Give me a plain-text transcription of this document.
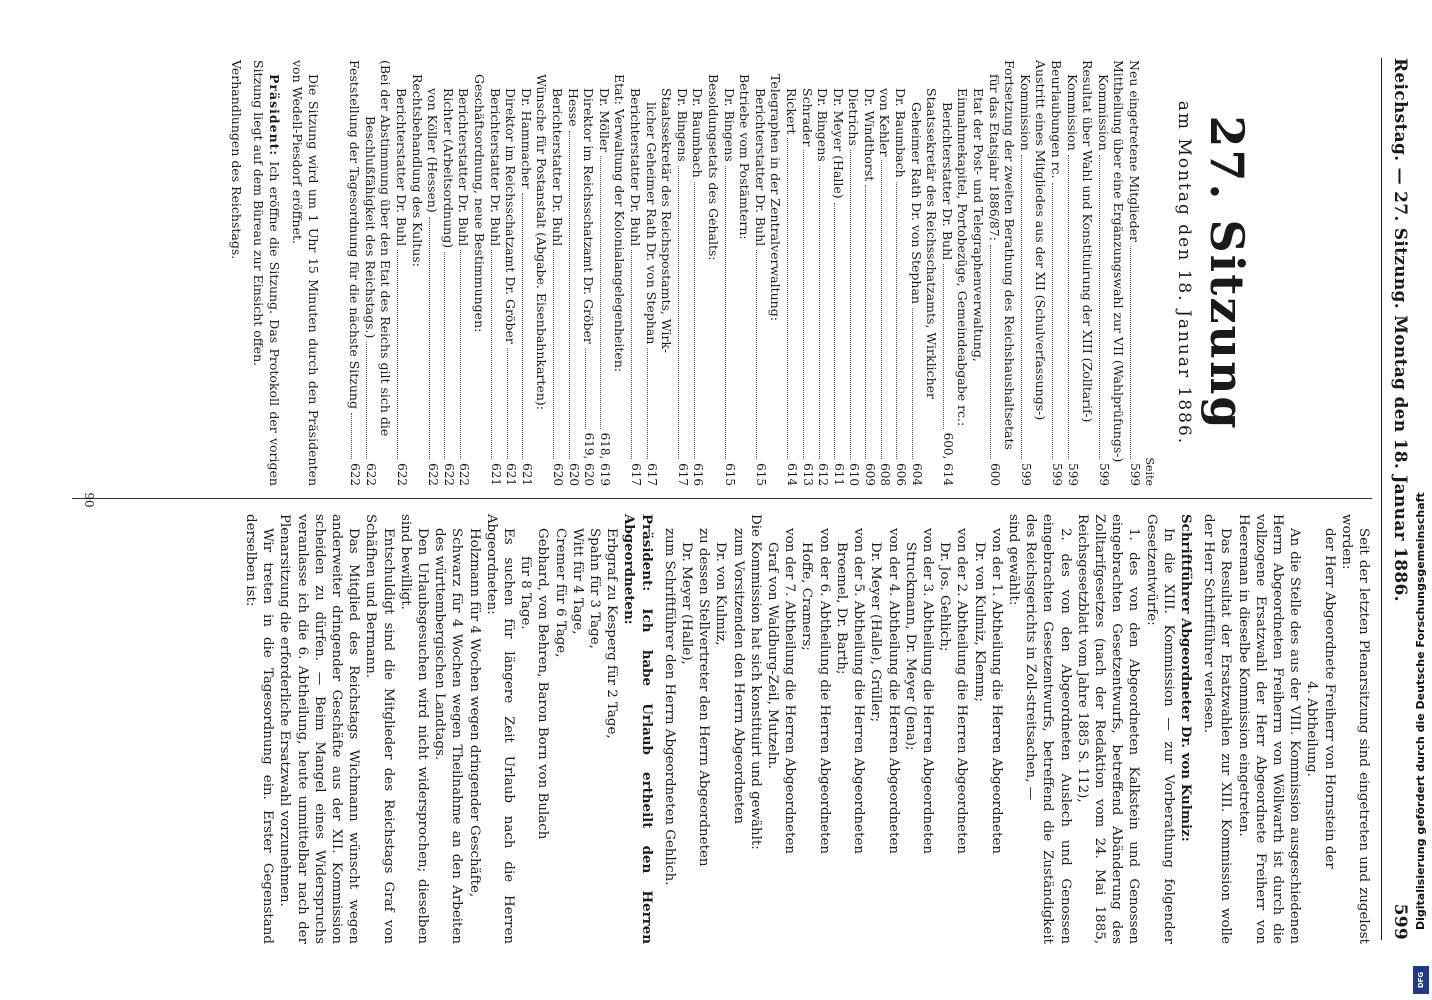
Reichstag. — 27. Sitzung. Montag den 18. Januar 1886.
599
27. Sitzung
am Montag den 18. Januar 1886.
Seite
Neu eingetretene Mitglieder
599
Mittheilung über eine Ergänzungswahl zur VII (Wahlprüfungs-)
Kommission
599
Resultat über Wahl und Konstituirung der XIII (Zolltarif-)
Kommission
599
Beurlaubungen rc.
599
Austritt eines Mitgliedes aus der XII (Schulverfassungs-)
Kommission
599
Fortsetzung der zweiten Berathung des Reichshaushaltsetats
für das Etatsjahr 1886/87:
600
Etat der Post- und Telegraphenverwaltung,
Einnahmekapitel, Portobezüge, Gemeindeabgabe rc.:
Berichterstatter Dr. Buhl
600, 614
Staatssekretär des Reichsschatzamts, Wirklicher
Geheimer Rath Dr. von Stephan
604
Dr. Baumbach
606
von Kehler
608
Dr. Windthorst
609
Dietrichs
610
Dr. Meyer (Halle)
611
Dr. Bingens
612
Schrader
613
Rickert
614
Telegraphen in der Zentralverwaltung:
Berichterstatter Dr. Buhl
615
Betriebe vom Postämtern:
Dr. Bingens
615
Besoldungsetats des Gehalts:
Dr. Baumbach
616
Dr. Bingens
617
Staatssekretär des Reichspostamts, Wirk-
licher Geheimer Rath Dr. von Stephan
617
Berichterstatter Dr. Buhl
617
Etat: Verwaltung der Kolonialangelegenheiten:
Dr. Möller
618, 619
Direktor im Reichsschatzamt Dr. Gröber
619, 620
Hesse
620
Berichterstatter Dr. Buhl
620
Wünsche für Postanstalt (Abgabe. Eisenbahnkarten):
Dr. Hammacher
621
Direktor im Reichsschatzamt Dr. Gröber
621
Berichterstatter Dr. Buhl
621
Geschäftsordnung, neue Bestimmungen:
Berichterstatter Dr. Buhl
622
Richter (Arbeitsordnung)
622
von Köller (Hessen)
622
Rechtsbehandlung des Kultus:
Berichterstatter Dr. Buhl
622
(Bei der Abstimmung über den Etat des Reichs gilt sich die
Beschlußfähigkeit des Reichstags.)
622
Feststellung der Tagesordnung für die nächste Sitzung
622

Die Sitzung wird um 1 Uhr 15 Minuten durch den Präsidenten von Wedell-Piesdorf eröffnet.

Präsident: Ich eröffne die Sitzung. Das Protokoll der vorigen Sitzung liegt auf dem Büreau zur Einsicht offen.

Verhandlungen des Reichstags.

Seit der letzten Plenarsitzung sind eingetreten und zugelost worden:

der Herr Abgeordnete Freiherr von Hornstein der

4. Abtheilung.

An die Stelle des aus der VIII. Kommission ausgeschiedenen Herrn Abgeordneten Freiherrn von Wöllwarth ist durch die vollzogene Ersatzwahl der Herr Abgeordnete Freiherr von Heereman in dieselbe Kommission eingetreten.

Das Resultat der Ersatzwahlen zur XIII. Kommission wolle der Herr Schriftführer verlesen.

Schriftführer Abgeordneter Dr. von Kulmiz:

In die XIII. Kommission — zur Vorberathung folgender Gesetzentwürfe:

1. des von den Abgeordneten Kalkstein und Genossen eingebrachten Gesetzentwurfs, betreffend Abänderung des Zolltarifgesetzes (nach der Redaktion vom 24. Mai 1885, Reichsgesetzblatt vom Jahre 1885 S. 112),

2. des von den Abgeordneten Auslech und Genossen eingebrachten Gesetzentwurfs, betreffend die Zuständigkeit des Reichsgerichts in Zoll-streitsachen, —

sind gewählt:

von der 1. Abtheilung die Herren Abgeordneten

Dr. von Kulmiz, Klemm;

von der 2. Abtheilung die Herren Abgeordneten

Dr. Jos. Gehlich;

von der 3. Abtheilung die Herren Abgeordneten

Struckmann, Dr. Meyer (Jena);

von der 4. Abtheilung die Herren Abgeordneten

Dr. Meyer (Halle), Grüller;

von der 5. Abtheilung die Herren Abgeordneten

Broemel, Dr. Barth;

von der 6. Abtheilung die Herren Abgeordneten

Hoffe, Cramers;

von der 7. Abtheilung die Herren Abgeordneten

Graf von Waldburg-Zeil, Mutzeln.

Die Kommission hat sich konstituirt und gewählt:

zum Vorsitzenden den Herrn Abgeordneten

Dr. von Kulmiz,

zu dessen Stellvertreter den Herrn Abgeordneten

Dr. Meyer (Halle),

zum Schriftführer den Herrn Abgeordneten Gehlich.

Präsident: Ich habe Urlaub ertheilt den Herren Abgeordneten:

Erbgraf zu Kesperg für 2 Tage,

Spahn für 3 Tage,

Witt für 4 Tage,

Cremer für 6 Tage,

Gebhard, von Behren, Baron Born von Bulach

für 8 Tage.

Es suchen für längere Zeit Urlaub nach die Herren Abgeordneten:

Holzmann für 4 Wochen wegen dringender Geschäfte,

Schwarz für 4 Wochen wegen Theilnahme an den Arbeiten des württembergischen Landtags.

Den Urlaubsgesuchen wird nicht widersprochen; dieselben sind bewilligt.

Entschuldigt sind die Mitglieder des Reichstags Graf von Schäfhen und Bermann.

Das Mitglied des Reichstags Wichmann wünscht wegen anderweiter dringender Geschäfte aus der XII. Kommission scheiden zu dürfen. — Beim Mangel eines Widerspruchs veranlasse ich die 6. Abtheilung, heute unmittelbar nach der Plenarsitzung die erforderliche Ersatzwahl vorzunehmen.

Wir treten in die Tagesordnung ein. Erster Gegenstand derselben ist:

90	Digitalisierung gefördert durch die Deutsche Forschungsgemeinschaft
DFG
